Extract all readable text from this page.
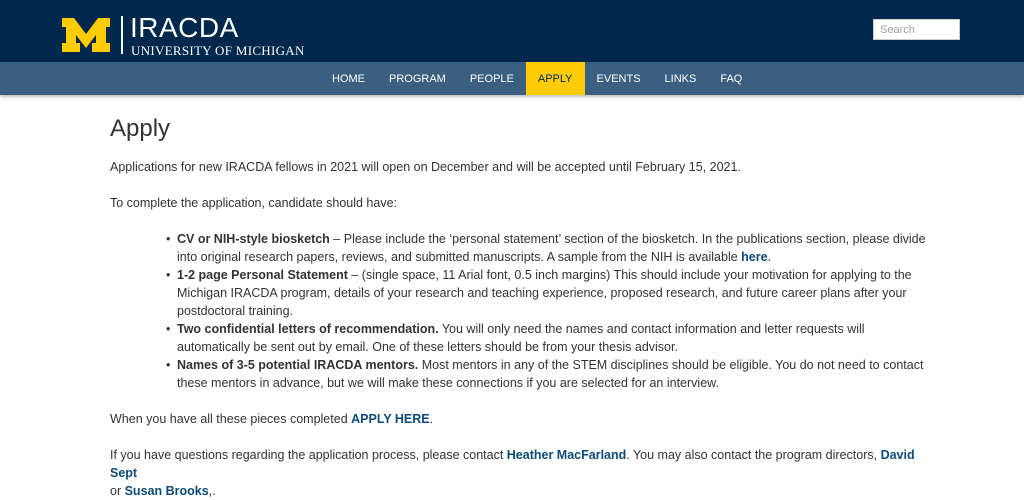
IRACDA
UNIVERSITY OF MICHIGAN
Search
HOME	PROGRAM	PEOPLE	APPLY	EVENTS	LINKS	FAQ
Apply

Applications for new IRACDA fellows in 2021 will open on December and will be accepted until February 15, 2021.

To complete the application, candidate should have:

• CV or NIH-style biosketch – Please include the ‘personal statement’ section of the biosketch. In the publications section, please divide into original research papers, reviews, and submitted manuscripts. A sample from the NIH is available here.
• 1-2 page Personal Statement – (single space, 11 Arial font, 0.5 inch margins) This should include your motivation for applying to the Michigan IRACDA program, details of your research and teaching experience, proposed research, and future career plans after your postdoctoral training.
• Two confidential letters of recommendation. You will only need the names and contact information and letter requests will automatically be sent out by email. One of these letters should be from your thesis advisor.
• Names of 3-5 potential IRACDA mentors. Most mentors in any of the STEM disciplines should be eligible. You do not need to contact these mentors in advance, but we will make these connections if you are selected for an interview.

When you have all these pieces completed APPLY HERE.

If you have questions regarding the application process, please contact Heather MacFarland. You may also contact the program directors, David Sept
or Susan Brooks,.
